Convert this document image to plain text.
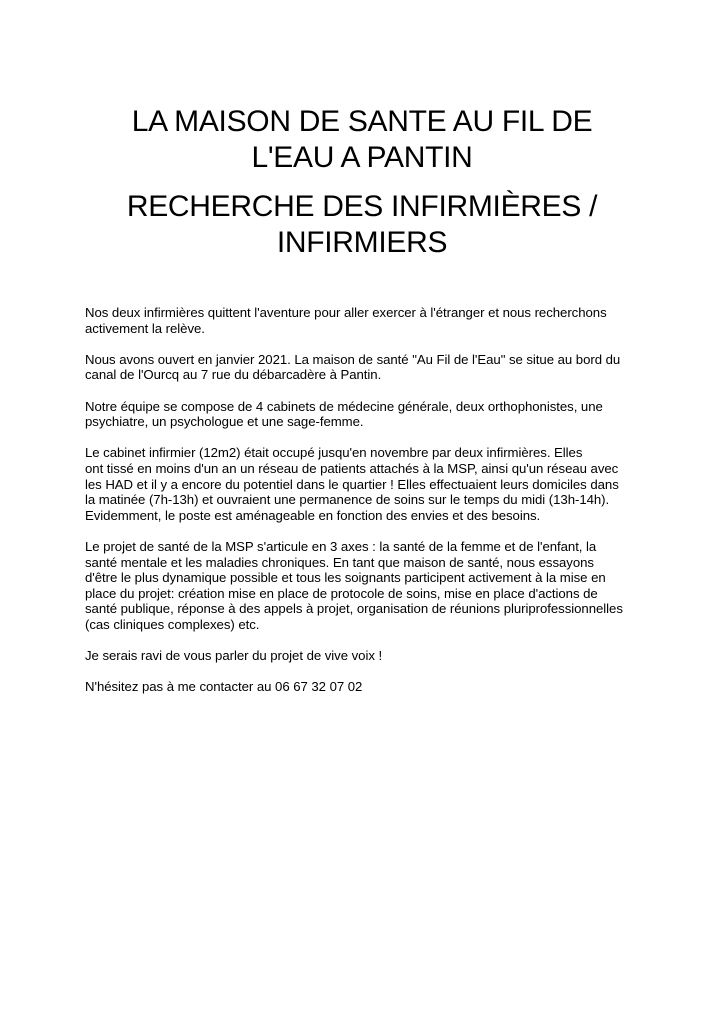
LA MAISON DE SANTE AU FIL DE
L'EAU A PANTIN
RECHERCHE DES INFIRMIÈRES /
INFIRMIERS

Nos deux infirmières quittent l'aventure pour aller exercer à l'étranger et nous recherchons
activement la relève.

Nous avons ouvert en janvier 2021. La maison de santé "Au Fil de l'Eau" se situe au bord du
canal de l'Ourcq au 7 rue du débarcadère à Pantin.

Notre équipe se compose de 4 cabinets de médecine générale, deux orthophonistes, une
psychiatre, un psychologue et une sage-femme.

Le cabinet infirmier (12m2) était occupé jusqu'en novembre par deux infirmières. Elles
ont tissé en moins d'un an un réseau de patients attachés à la MSP, ainsi qu'un réseau avec
les HAD et il y a encore du potentiel dans le quartier ! Elles effectuaient leurs domiciles dans
la matinée (7h-13h) et ouvraient une permanence de soins sur le temps du midi (13h-14h).
Evidemment, le poste est aménageable en fonction des envies et des besoins.

Le projet de santé de la MSP s'articule en 3 axes : la santé de la femme et de l'enfant, la
santé mentale et les maladies chroniques. En tant que maison de santé, nous essayons
d'être le plus dynamique possible et tous les soignants participent activement à la mise en
place du projet: création mise en place de protocole de soins, mise en place d'actions de
santé publique, réponse à des appels à projet, organisation de réunions pluriprofessionnelles
(cas cliniques complexes) etc.

Je serais ravi de vous parler du projet de vive voix !

N'hésitez pas à me contacter au 06 67 32 07 02
